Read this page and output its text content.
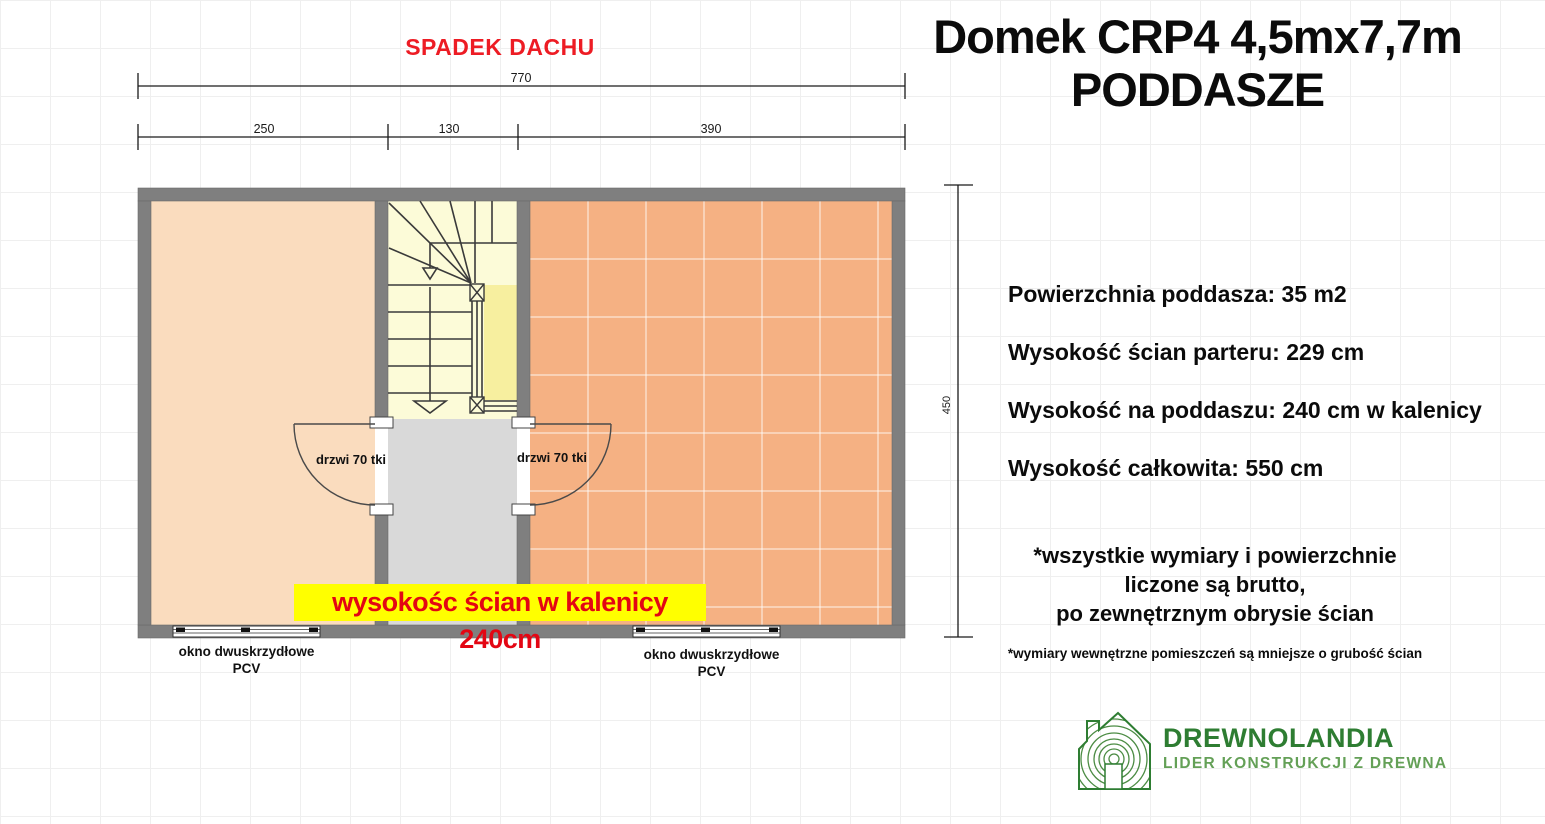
SPADEK DACHU
770
250	130	390
450
drzwi 70 tki	drzwi 70 tki
wysokośc ścian w kalenicy 240cm
okno dwuskrzydłowe
PCV
okno dwuskrzydłowe
PCV
Domek CRP4 4,5mx7,7m
PODDASZE
Powierzchnia poddasza: 35 m2
Wysokość ścian parteru: 229 cm
Wysokość na poddaszu: 240 cm w kalenicy
Wysokość całkowita: 550 cm
*wszystkie wymiary i powierzchnie
liczone są brutto,
po zewnętrznym obrysie ścian
*wymiary wewnętrzne pomieszczeń są mniejsze o grubość ścian
DREWNOLANDIA
LIDER KONSTRUKCJI Z DREWNA
